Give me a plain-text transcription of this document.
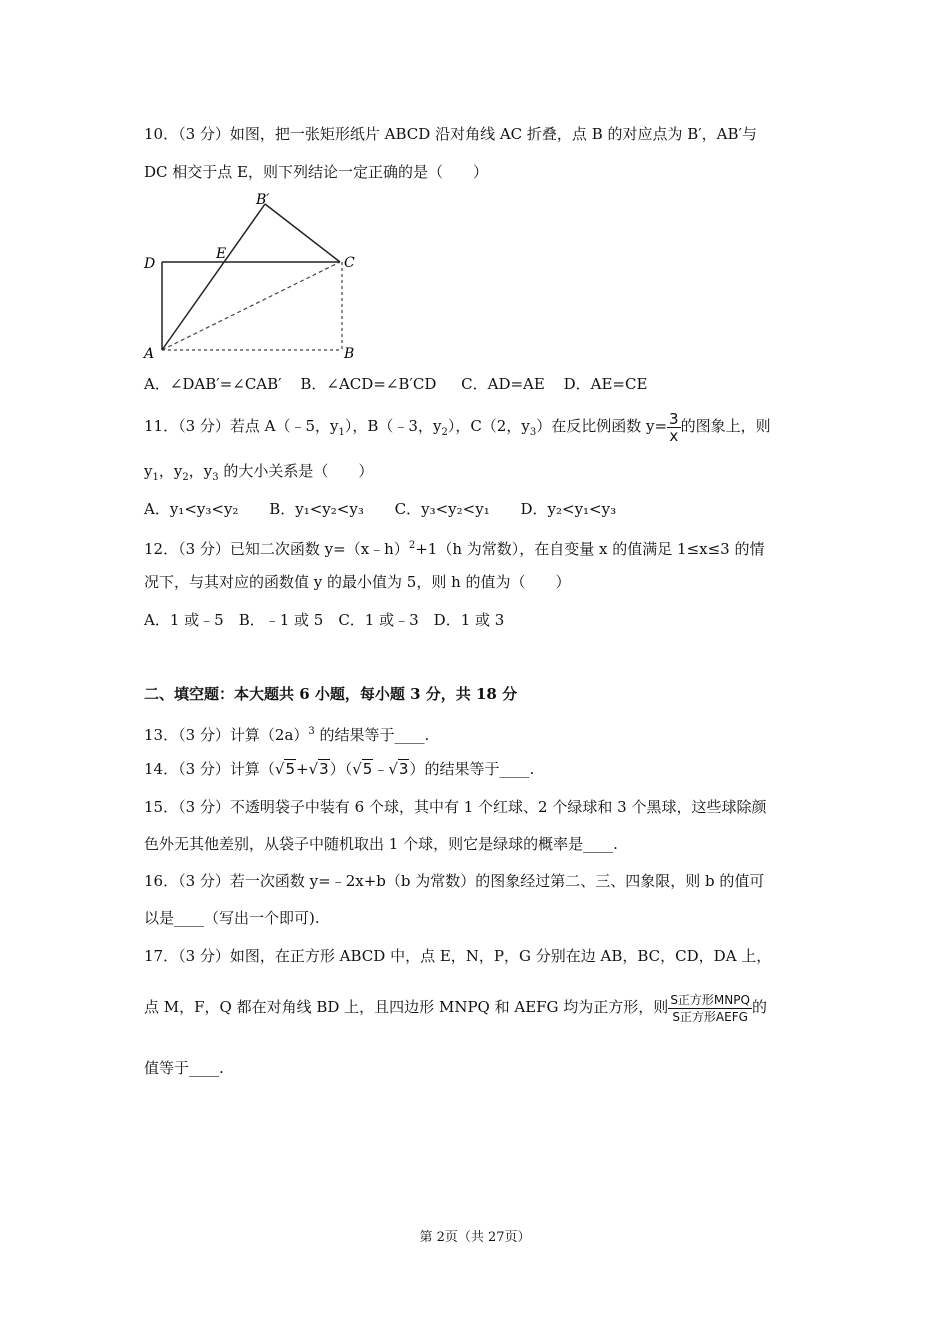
10．（3 分）如图，把一张矩形纸片 ABCD 沿对角线 AC 折叠，点 B 的对应点为 B′，AB′与
DC 相交于点 E，则下列结论一定正确的是（　　）
B′
D
E
C
A	B
A．∠DAB′=∠CAB′ B．∠ACD=∠B′CD C．AD=AE D．AE=CE
11．（3 分）若点 A（﹣5，$y_1$），B（﹣3，$y_2$），C（2，$y_3$）在反比例函数 $y= \frac{3}{x}$ 的图象上，则
$y_1$，$y_2$，$y_3$ 的大小关系是（　　）
A．y₁<y₃<y₂ B．y₁<y₂<y₃ C．y₃<y₂<y₁ D．y₂<y₁<y₃
12．（3 分）已知二次函数 y=（x﹣h）$^2$+1（h 为常数），在自变量 x 的值满足 1≤x≤3 的情
况下，与其对应的函数值 y 的最小值为 5，则 h 的值为（　　）
A．1 或﹣5　B．﹣1 或 5　C．1 或﹣3　D．1 或 3
二、填空题：本大题共 6 小题，每小题 3 分，共 18 分
13．（3 分）计算$(2a)^3$ 的结果等于____.
14．（3 分）计算（√5+√3）（√5﹣√3）的结果等于____.
15．（3 分）不透明袋子中装有 6 个球，其中有 1 个红球、2 个绿球和 3 个黑球，这些球除颜
色外无其他差别，从袋子中随机取出 1 个球，则它是绿球的概率是____.
16．（3 分）若一次函数 y=﹣2x+b（b 为常数）的图象经过第二、三、四象限，则 b 的值可
以是____（写出一个即可).
17．（3 分）如图，在正方形 ABCD 中，点 E，N，P，G 分别在边 AB，BC，CD，DA 上，
点 M，F，Q 都在对角线 BD 上，且四边形 MNPQ 和 AEFG 均为正方形，则 $\frac{\text{S正方形MNPQ}}{\text{S正方形AEFG}}$ 的
值等于____.
第 2页（共 27页）
